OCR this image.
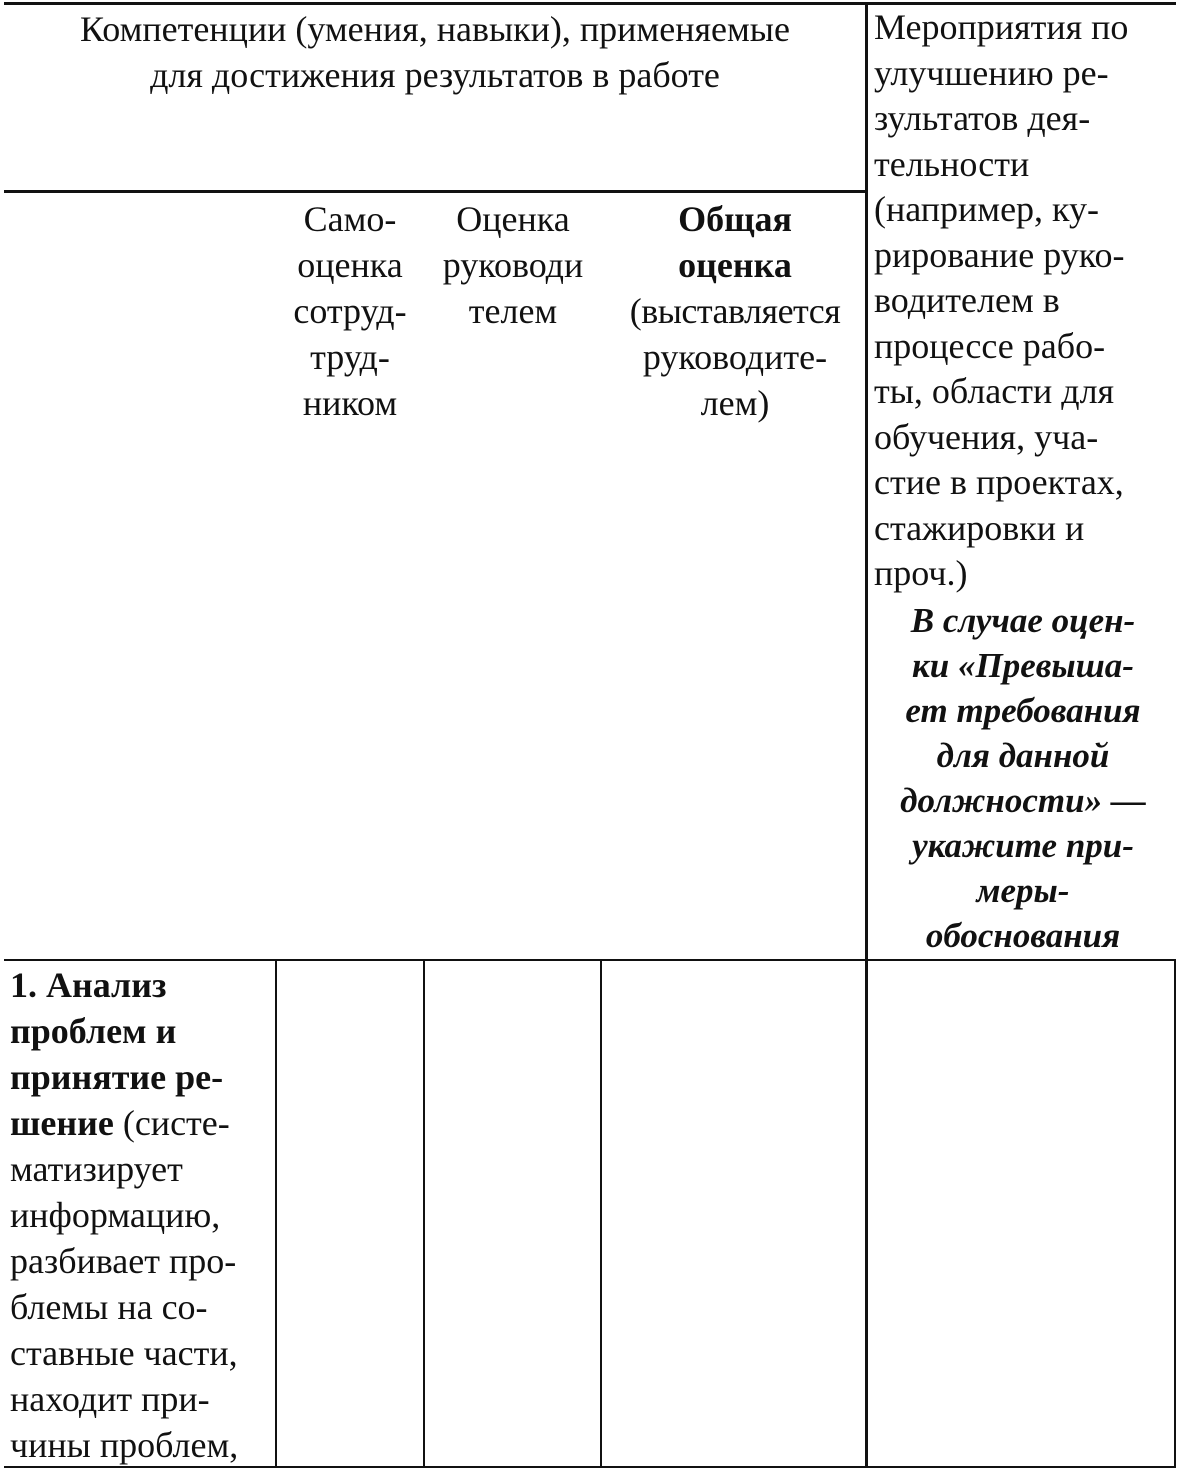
Компетенции (умения, навыки), применяемые
для достижения результатов в работе
Само-
оценка
сотруд-
труд-
ником
Оценка
руководи
телем
Общая
оценка
(выставляется
руководите-
лем)
Мероприятия по
улучшению ре-
зультатов дея-
тельности
(например, ку-
рирование руко-
водителем в
процессе рабо-
ты, области для
обучения, уча-
стие в проектах,
стажировки и
проч.)
В случае оцен-
ки «Превыша-
ет требования
для данной
должности» —
укажите при-
меры-
обоснования
1. Анализ
проблем и
принятие ре-
шение (систе-
матизирует
информацию,
разбивает про-
блемы на со-
ставные части,
находит при-
чины проблем,
